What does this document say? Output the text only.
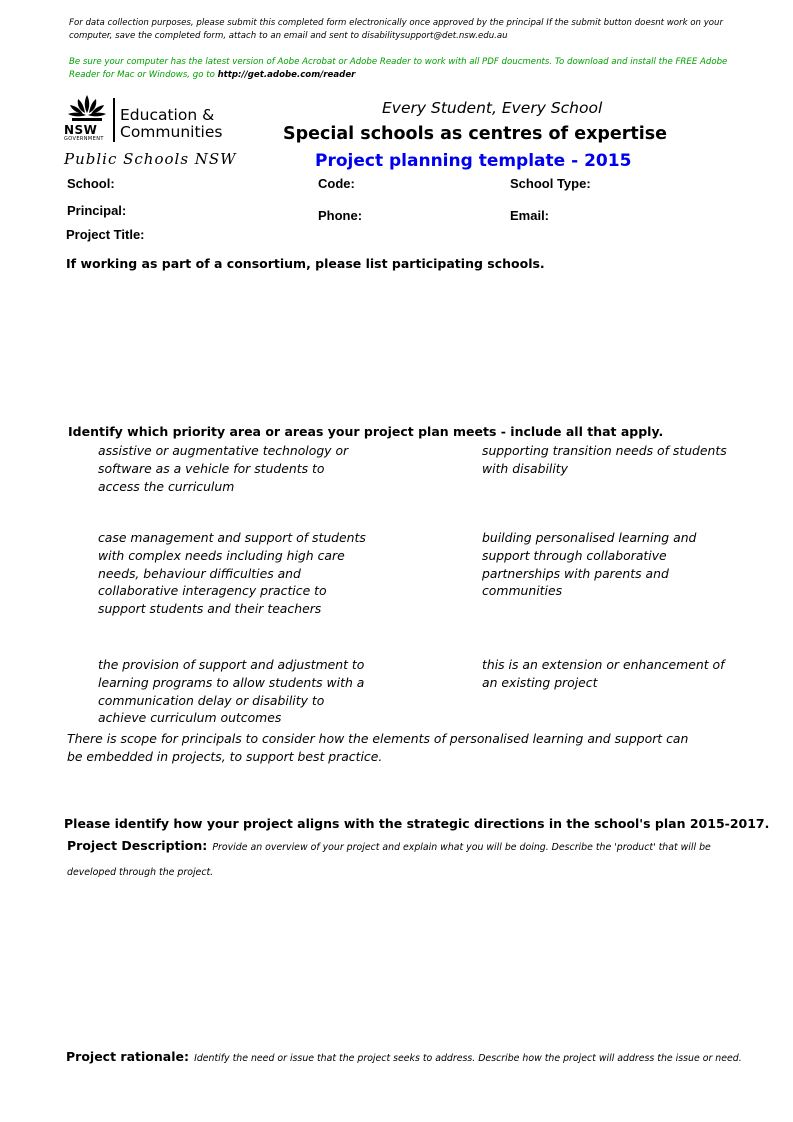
For data collection purposes, please submit this completed form electronically once approved by the principal If the submit button doesnt work on your computer, save the completed form, attach to an email and sent to disabilitysupport@det.nsw.edu.au
Be sure your computer has the latest version of Aobe Acrobat or Adobe Reader to work with all PDF doucments. To download and install the FREE Adobe Reader for Mac or Windows, go to http://get.adobe.com/reader
NSW
GOVERNMENT
Education &
Communities
Public Schools NSW
Every Student, Every School
Special schools as centres of expertise
Project planning template - 2015
School:	Code:	School Type:
Principal:	Phone:	Email:
Project Title:
If working as part of a consortium, please list participating schools.
Identify which priority area or areas your project plan meets - include all that apply.
assistive or augmentative technology or software as a vehicle for students to access the curriculum
supporting transition needs of students with disability
case management and support of students with complex needs including high care needs, behaviour difficulties and collaborative interagency practice to support students and their teachers
building personalised learning and support through collaborative partnerships with parents and communities
the provision of support and adjustment to learning programs to allow students with a communication delay or disability to achieve curriculum outcomes
this is an extension or enhancement of an existing project
There is scope for principals to consider how the elements of personalised learning and support can be embedded in projects, to support best practice.
Please identify how your project aligns with the strategic directions in the school's plan 2015-2017.
Project Description: Provide an overview of your project and explain what you will be doing. Describe the 'product' that will be developed through the project.
Project rationale: Identify the need or issue that the project seeks to address. Describe how the project will address the issue or need.
